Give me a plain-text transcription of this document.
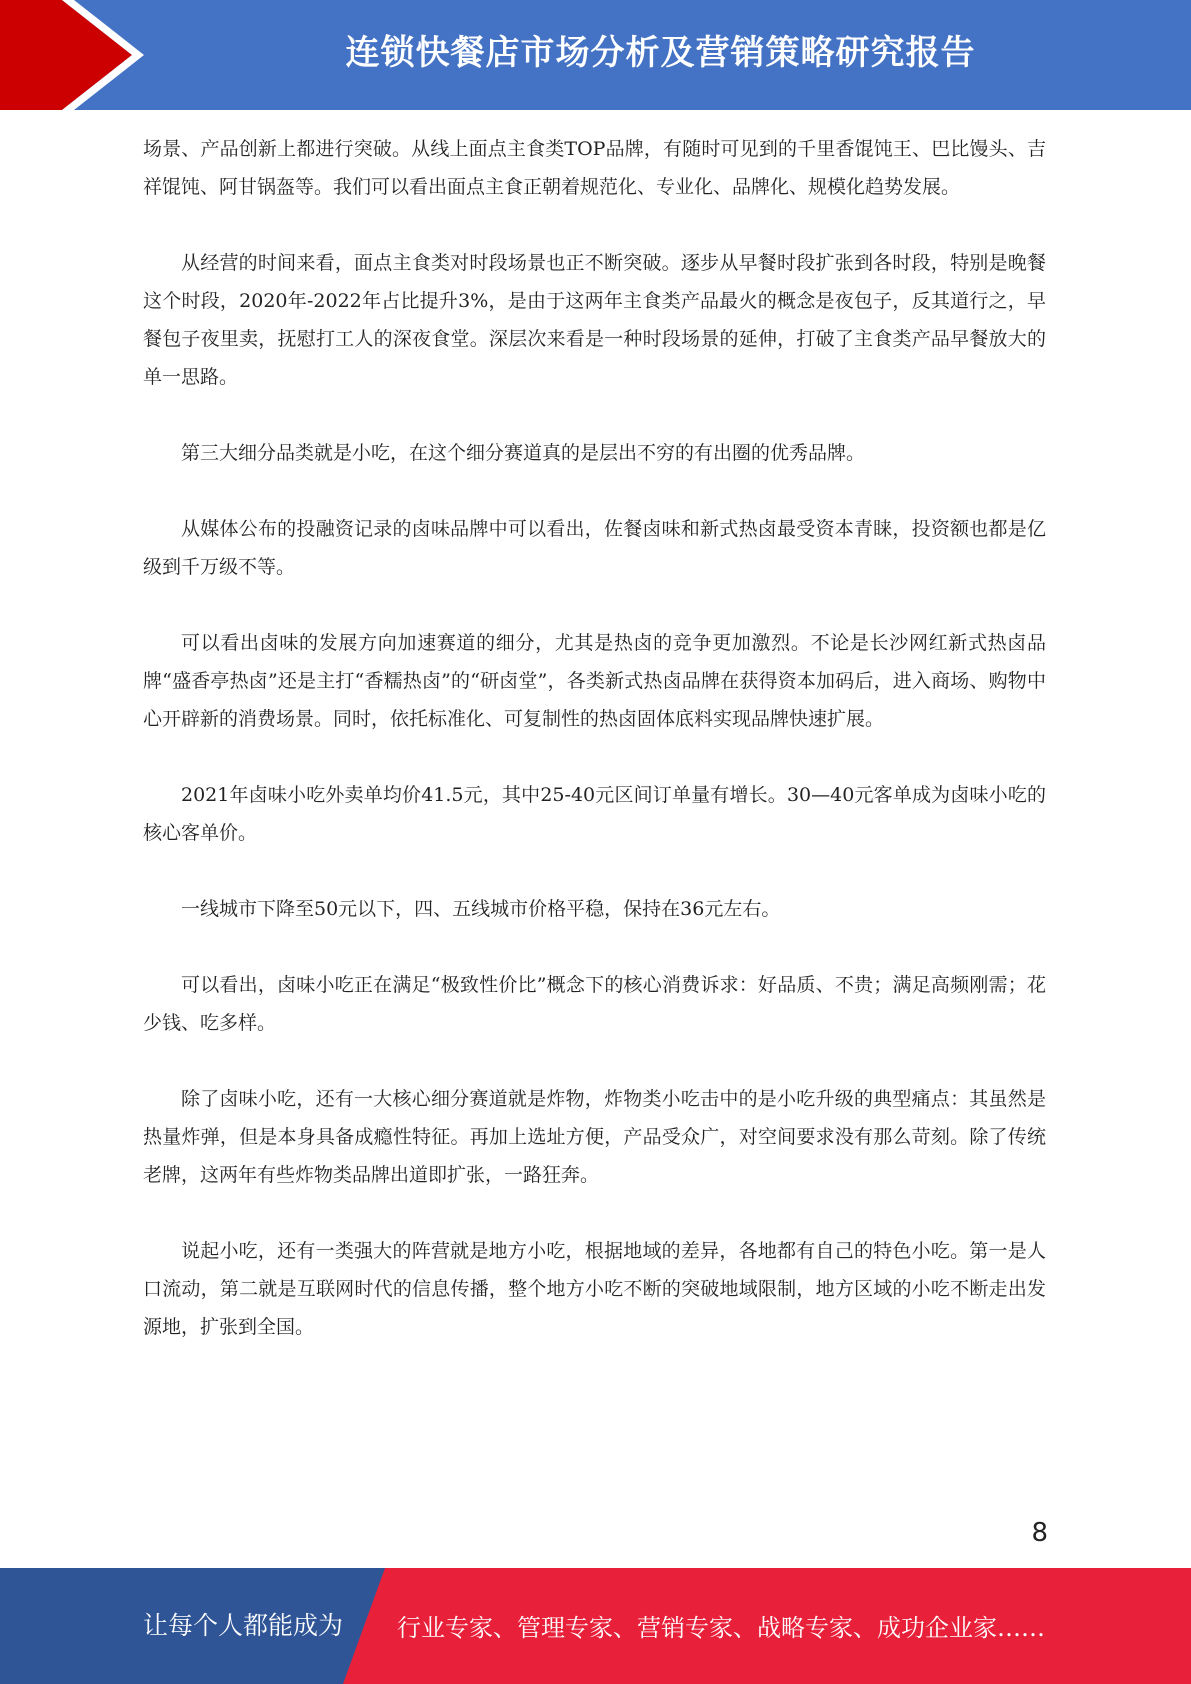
连锁快餐店市场分析及营销策略研究报告

场景、产品创新上都进行突破。从线上面点主食类TOP品牌，有随时可见到的千里香馄饨王、巴比馒头、吉祥馄饨、阿甘锅盔等。我们可以看出面点主食正朝着规范化、专业化、品牌化、规模化趋势发展。

从经营的时间来看，面点主食类对时段场景也正不断突破。逐步从早餐时段扩张到各时段，特别是晚餐这个时段，2020年-2022年占比提升3%，是由于这两年主食类产品最火的概念是夜包子，反其道行之，早餐包子夜里卖，抚慰打工人的深夜食堂。深层次来看是一种时段场景的延伸，打破了主食类产品早餐放大的单一思路。

第三大细分品类就是小吃，在这个细分赛道真的是层出不穷的有出圈的优秀品牌。

从媒体公布的投融资记录的卤味品牌中可以看出，佐餐卤味和新式热卤最受资本青睐，投资额也都是亿级到千万级不等。

可以看出卤味的发展方向加速赛道的细分，尤其是热卤的竞争更加激烈。不论是长沙网红新式热卤品牌“盛香亭热卤”还是主打“香糯热卤”的“研卤堂”，各类新式热卤品牌在获得资本加码后，进入商场、购物中心开辟新的消费场景。同时，依托标准化、可复制性的热卤固体底料实现品牌快速扩展。

2021年卤味小吃外卖单均价41.5元，其中25-40元区间订单量有增长。30—40元客单成为卤味小吃的核心客单价。

一线城市下降至50元以下，四、五线城市价格平稳，保持在36元左右。

可以看出，卤味小吃正在满足“极致性价比”概念下的核心消费诉求：好品质、不贵；满足高频刚需；花少钱、吃多样。

除了卤味小吃，还有一大核心细分赛道就是炸物，炸物类小吃击中的是小吃升级的典型痛点：其虽然是热量炸弹，但是本身具备成瘾性特征。再加上选址方便，产品受众广，对空间要求没有那么苛刻。除了传统老牌，这两年有些炸物类品牌出道即扩张，一路狂奔。

说起小吃，还有一类强大的阵营就是地方小吃，根据地域的差异，各地都有自己的特色小吃。第一是人口流动，第二就是互联网时代的信息传播，整个地方小吃不断的突破地域限制，地方区域的小吃不断走出发源地，扩张到全国。

8
让每个人都能成为 行业专家、管理专家、营销专家、战略专家、成功企业家……
